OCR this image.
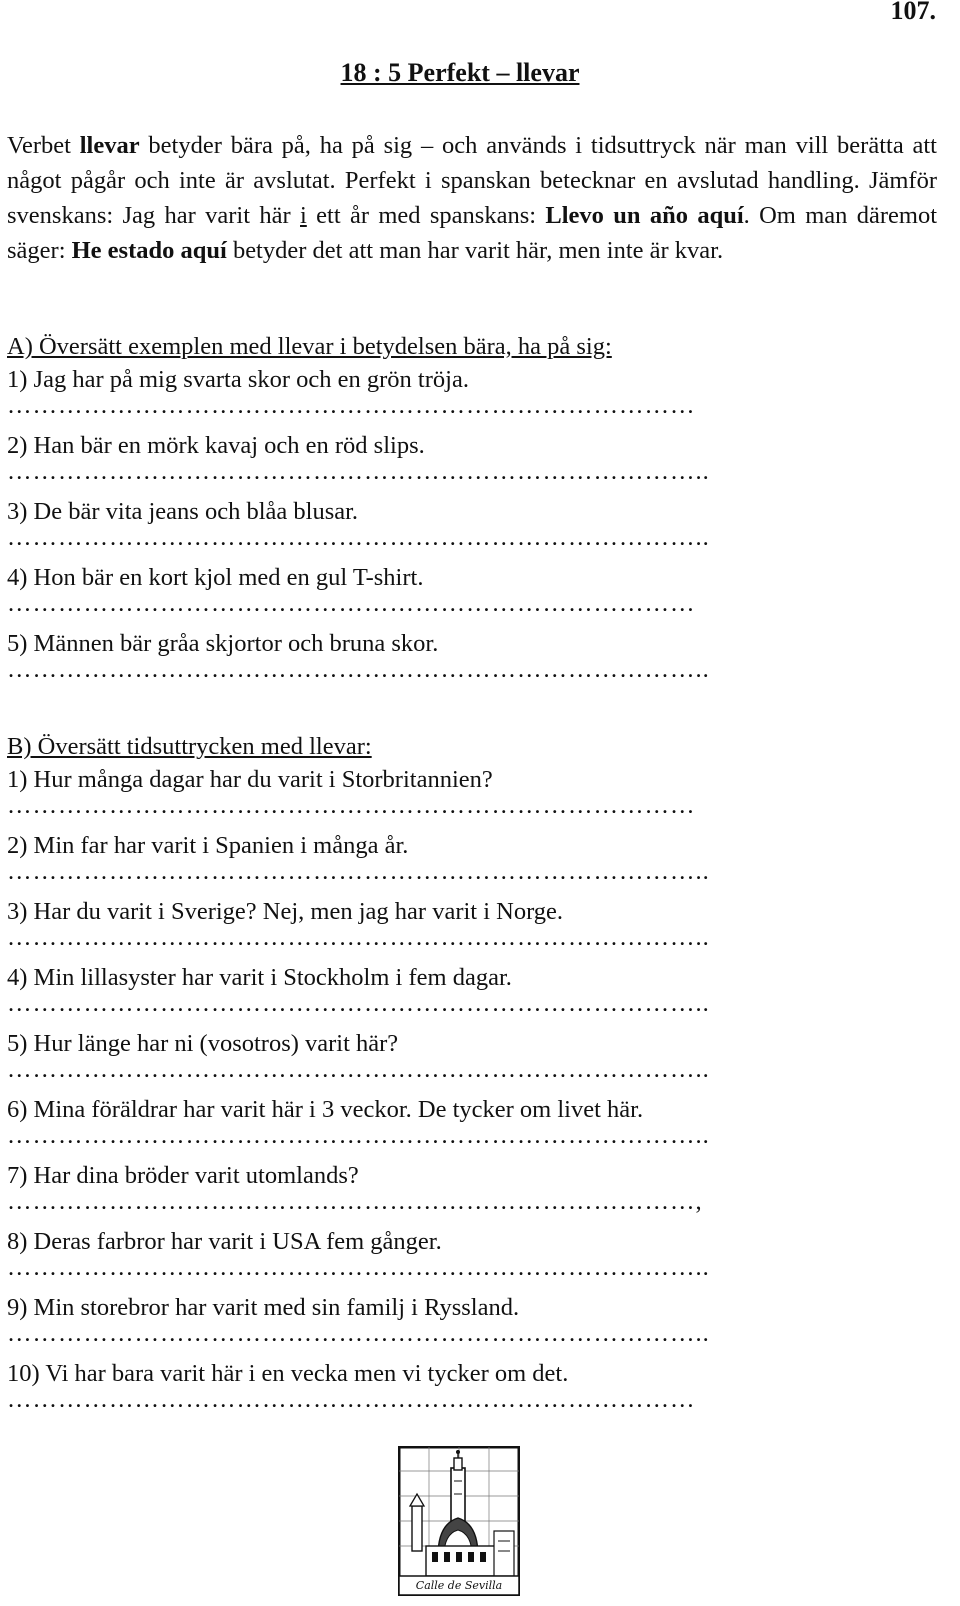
107.
18 : 5 Perfekt – llevar
Verbet llevar betyder bära på, ha på sig – och används i tidsuttryck när man vill berätta att något pågår och inte är avslutat. Perfekt i spanskan betecknar en avslutad handling. Jämför svenskans: Jag har varit här i ett år med spanskans: Llevo un año aquí. Om man däremot säger: He estado aquí betyder det att man har varit här, men inte är kvar.
A) Översätt exemplen med llevar i betydelsen bära, ha på sig:
1) Jag har på mig svarta skor och en grön tröja.
………………………………………………………………………
2) Han bär en mörk kavaj och en röd slips.
………………………………………………………………………..
3) De bär vita jeans och blåa blusar.
………………………………………………………………………..
4) Hon bär en kort kjol med en gul T-shirt.
………………………………………………………………………
5) Männen bär gråa skjortor och bruna skor.
………………………………………………………………………..
B) Översätt tidsuttrycken med llevar:
1) Hur många dagar har du varit i Storbritannien?
………………………………………………………………………
2) Min far har varit i Spanien i många år.
………………………………………………………………………..
3) Har du varit i Sverige? Nej, men jag har varit i Norge.
………………………………………………………………………..
4) Min lillasyster har varit i Stockholm i fem dagar.
………………………………………………………………………..
5) Hur länge har ni (vosotros) varit här?
………………………………………………………………………..
6) Mina föräldrar har varit här i 3 veckor. De tycker om livet här.
………………………………………………………………………..
7) Har dina bröder varit utomlands?
………………………………………………………………………,
8) Deras farbror har varit i USA fem gånger.
………………………………………………………………………..
9) Min storebror har varit med sin familj i Ryssland.
………………………………………………………………………..
10) Vi har bara varit här i en vecka men vi tycker om det.
………………………………………………………………………
Calle de Sevilla
